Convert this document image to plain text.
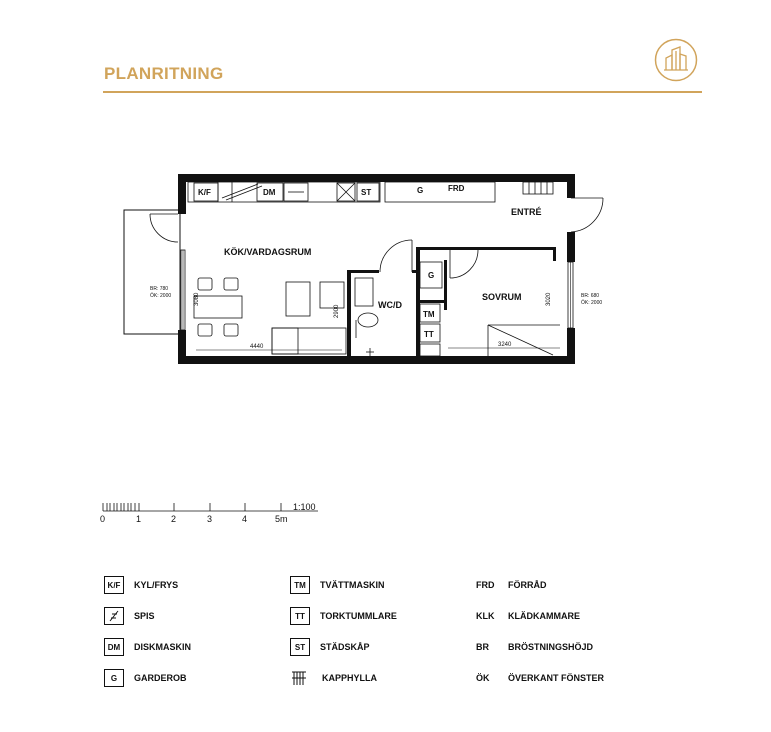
PLANRITNING
KÖK/VARDAGSRUM
ENTRÉ
WC/D
SOVRUM
K/F	DM	ST	G	FRD
G
TM
TT
4440	3240
3080
2900
3020
BR: 780
ÖK: 2000	BR: 680
ÖK: 2000
1:100
0	1	2	3	4	5m
K/F	KYL/FRYS
SPIS
DM	DISKMASKIN
G	GARDEROB
TM	TVÄTTMASKIN
TT	TORKTUMMLARE
ST	STÄDSKÅP
KAPPHYLLA
FRD	FÖRRÅD
KLK	KLÄDKAMMARE
BR	BRÖSTNINGSHÖJD
ÖK	ÖVERKANT FÖNSTER
